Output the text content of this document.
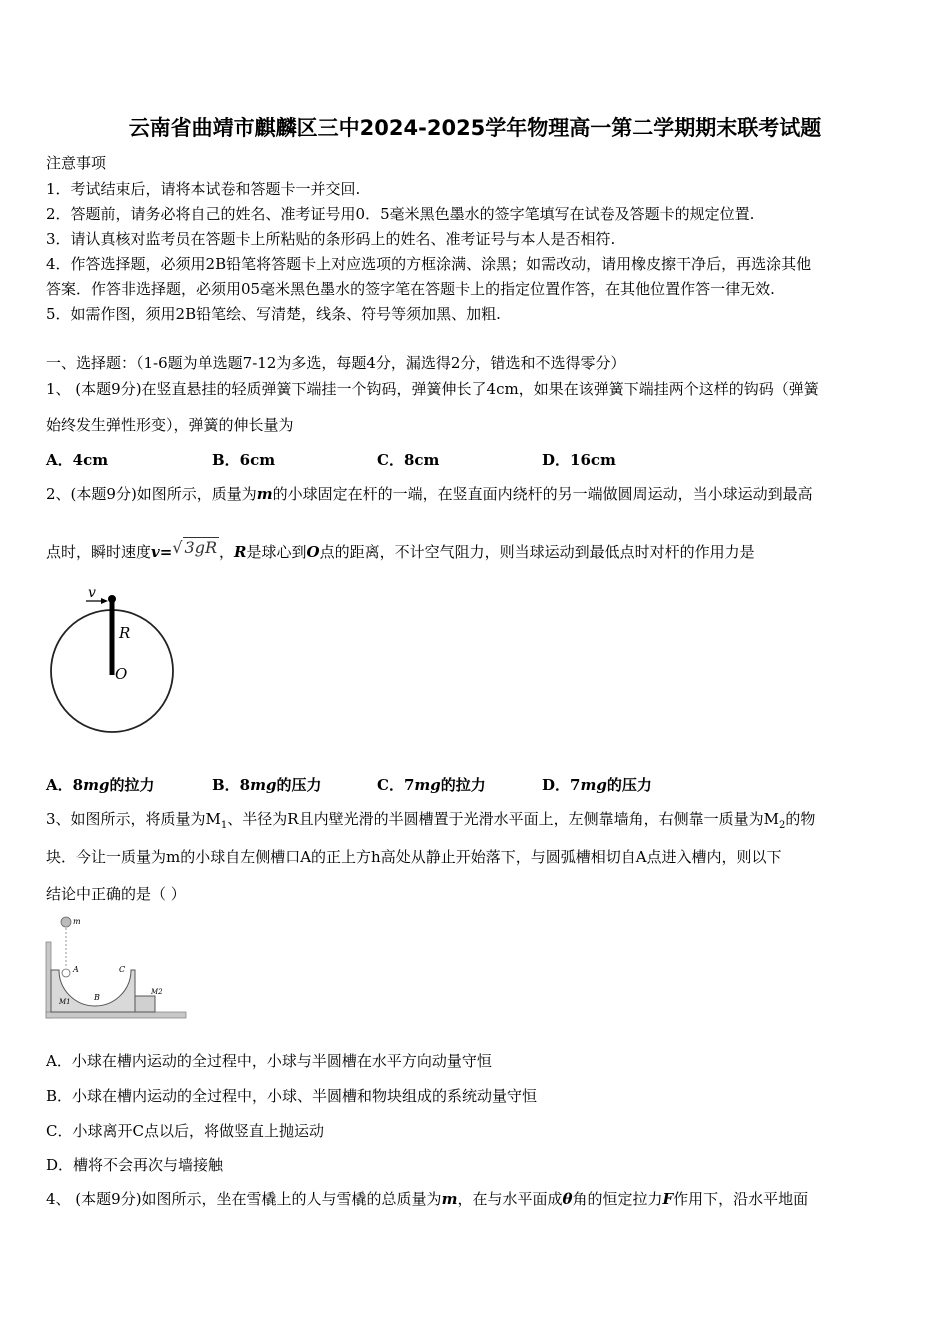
云南省曲靖市麒麟区三中2024-2025学年物理高一第二学期期末联考试题
注意事项
1．考试结束后，请将本试卷和答题卡一并交回.
2．答题前，请务必将自己的姓名、准考证号用0．5毫米黑色墨水的签字笔填写在试卷及答题卡的规定位置.
3．请认真核对监考员在答题卡上所粘贴的条形码上的姓名、准考证号与本人是否相符.
4．作答选择题，必须用2B铅笔将答题卡上对应选项的方框涂满、涂黑；如需改动，请用橡皮擦干净后，再选涂其他
答案．作答非选择题，必须用05毫米黑色墨水的签字笔在答题卡上的指定位置作答，在其他位置作答一律无效.
5．如需作图，须用2B铅笔绘、写清楚，线条、符号等须加黑、加粗.
一、选择题：（1-6题为单选题7-12为多选，每题4分，漏选得2分，错选和不选得零分）
1、 (本题9分)在竖直悬挂的轻质弹簧下端挂一个钩码，弹簧伸长了4cm，如果在该弹簧下端挂两个这样的钩码（弹簧
始终发生弹性形变），弹簧的伸长量为
A．4cm	B．6cm	C．8cm	D．16cm
2、(本题9分)如图所示，质量为m的小球固定在杆的一端，在竖直面内绕杆的另一端做圆周运动，当小球运动到最高
点时，瞬时速度v=√ 3gR ，R是球心到O点的距离，不计空气阻力，则当球运动到最低点时对杆的作用力是
v
R
O
A．8mg的拉力	B．8mg的压力	C．7mg的拉力	D．7mg的压力
3、如图所示，将质量为$M_1$、半径为R且内壁光滑的半圆槽置于光滑水平面上，左侧靠墙角，右侧靠一质量为$M_2$的物
块．今让一质量为m的小球自左侧槽口A的正上方h高处从静止开始落下，与圆弧槽相切自A点进入槽内，则以下
结论中正确的是（ ）
m
A
B
C
M1
M2
A．小球在槽内运动的全过程中，小球与半圆槽在水平方向动量守恒
B．小球在槽内运动的全过程中，小球、半圆槽和物块组成的系统动量守恒
C．小球离开C点以后，将做竖直上抛运动
D．槽将不会再次与墙接触
4、 (本题9分)如图所示，坐在雪橇上的人与雪橇的总质量为m，在与水平面成θ角的恒定拉力F作用下，沿水平地面
